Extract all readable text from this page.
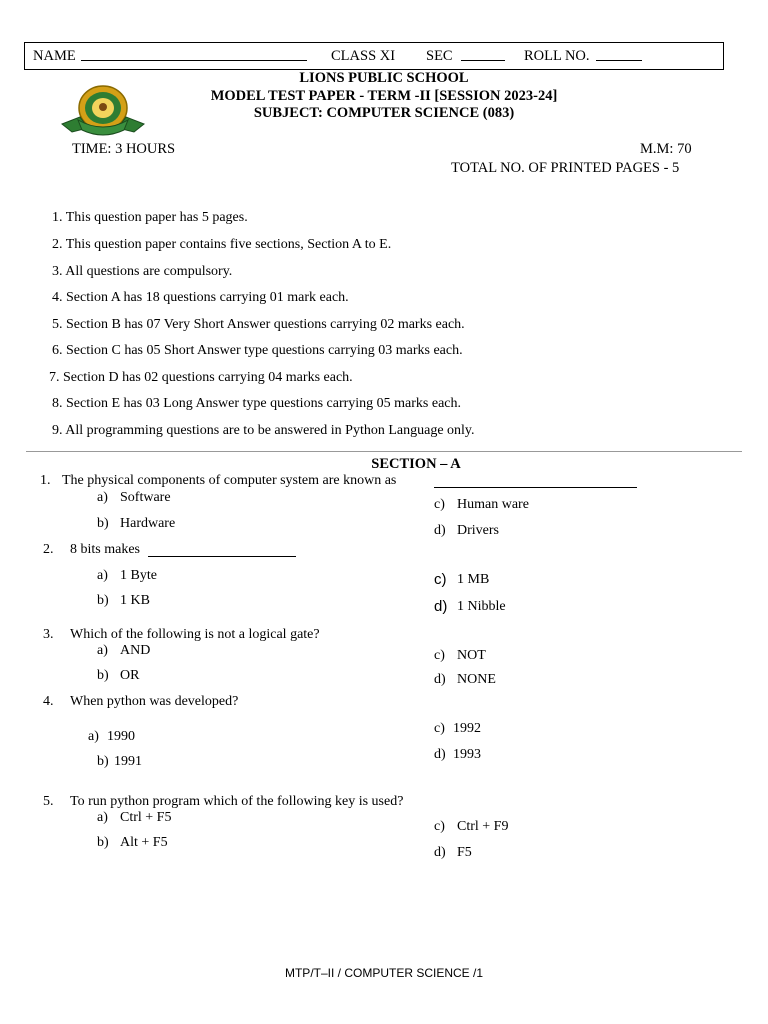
NAME	CLASS XI SEC	ROLL NO.
LIONS PUBLIC SCHOOL
MODEL TEST PAPER - TERM -II [SESSION 2023-24]
SUBJECT: COMPUTER SCIENCE (083)
TIME: 3 HOURS	M.M: 70
TOTAL NO. OF PRINTED PAGES - 5
1. This question paper has 5 pages.
2. This question paper contains five sections, Section A to E.
3. All questions are compulsory.
4. Section A has 18 questions carrying 01 mark each.
5. Section B has 07 Very Short Answer questions carrying 02 marks each.
6. Section C has 05 Short Answer type questions carrying 03 marks each.
7. Section D has 02 questions carrying 04 marks each.
8. Section E has 03 Long Answer type questions carrying 05 marks each.
9. All programming questions are to be answered in Python Language only.
SECTION – A
1. The physical components of computer system are known as
a) Software
b) Hardware
c) Human ware
d) Drivers
2. 8 bits makes
a) 1 Byte
b) 1 KB
c) 1 MB
d) 1 Nibble
3. Which of the following is not a logical gate?
a) AND
b) OR
c) NOT
d) NONE
4. When python was developed?
a) 1990
b) 1991
c) 1992
d) 1993
5. To run python program which of the following key is used?
a) Ctrl + F5
b) Alt + F5
c) Ctrl + F9
d) F5
MTP/T–II / COMPUTER SCIENCE /1
